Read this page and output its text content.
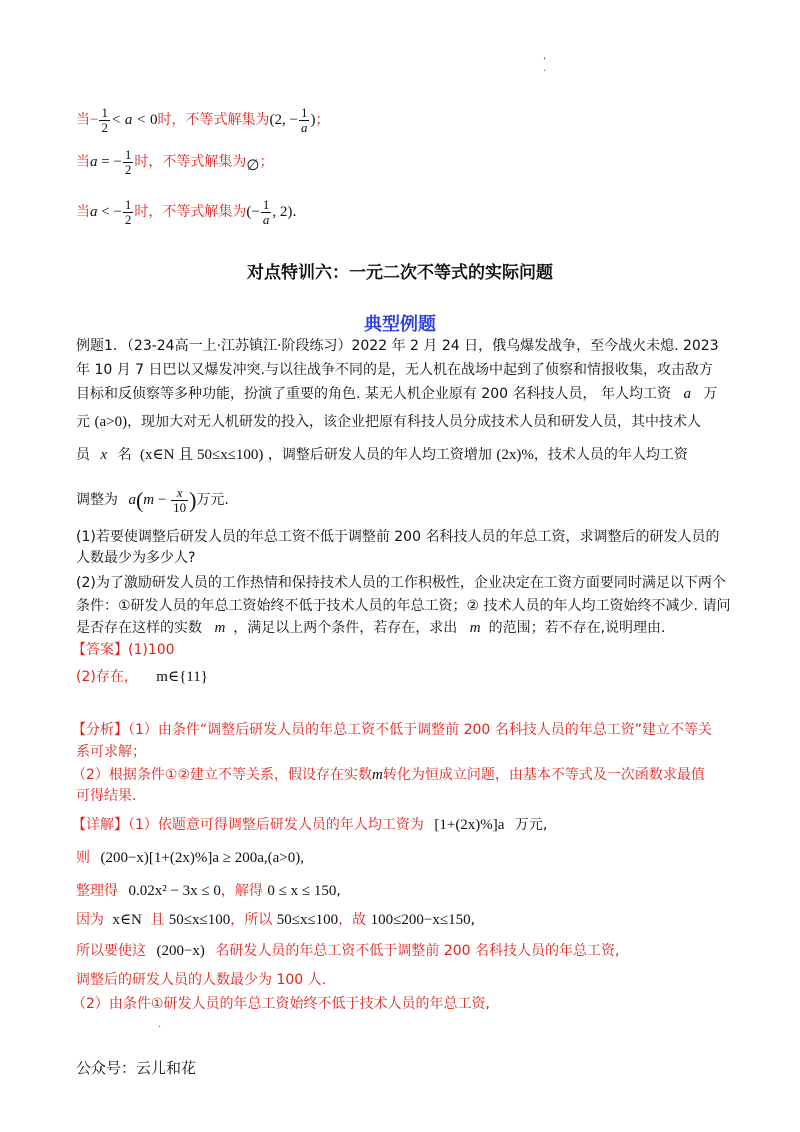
'
·
当− $\frac{1}{2} < a < 0$时，不等式解集为(2, − $\frac{1}{a}$ )；
当a = − $\frac{1}{2}$ 时，不等式解集为∅；
当a < − $\frac{1}{2}$ 时，不等式解集为(− $\frac{1}{a}$ , 2)．
对点特训六：一元二次不等式的实际问题
典型例题
例题1．（23-24高一上·江苏镇江·阶段练习）2022 年 2 月 24 日，俄乌爆发战争，至今战火未熄. 2023
年 10 月 7 日巴以又爆发冲突.与以往战争不同的是，无人机在战场中起到了侦察和情报收集，攻击敌方
目标和反侦察等多种功能，扮演了重要的角色. 某无人机企业原有 200 名科技人员， 年人均工资 a 万
元 (a>0)，现加大对无人机研发的投入，该企业把原有科技人员分成技术人员和研发人员，其中技术人
员 x 名 (x∈N 且 50≤x≤100) ，调整后研发人员的年人均工资增加 (2x)%，技术人员的年人均工资
调整为 $a(m - \frac{x}{10}$ )万元.
(1)若要使调整后研发人员的年总工资不低于调整前 200 名科技人员的年总工资，求调整后的研发人员的
人数最少为多少人?
(2)为了激励研发人员的工作热情和保持技术人员的工作积极性，企业决定在工资方面要同时满足以下两个
条件：①研发人员的年总工资始终不低于技术人员的年总工资；② 技术人员的年人均工资始终不减少. 请问
是否存在这样的实数 m ，满足以上两个条件，若存在，求出 m 的范围；若不存在,说明理由.
【答案】(1)100
(2)存在， m∈{11}
【分析】（1）由条件“调整后研发人员的年总工资不低于调整前 200 名科技人员的年总工资”建立不等关
系可求解；
（2）根据条件①②建立不等关系，假设存在实数m转化为恒成立问题，由基本不等式及一次函数求最值
可得结果.
【详解】（1）依题意可得调整后研发人员的年人均工资为 [1+(2x)%]a 万元,
则 (200−x)[1+(2x)%]a ≥ 200a,(a>0),
整理得 0.02x² − 3x ≤ 0，解得 0 ≤ x ≤ 150,
因为 x∈N 且 50≤x≤100，所以 50≤x≤100，故 100≤200−x≤150,
所以要使这 (200−x) 名研发人员的年总工资不低于调整前 200 名科技人员的年总工资,
调整后的研发人员的人数最少为 100 人.
（2）由条件①研发人员的年总工资始终不低于技术人员的年总工资,
·
公众号：云儿和花
